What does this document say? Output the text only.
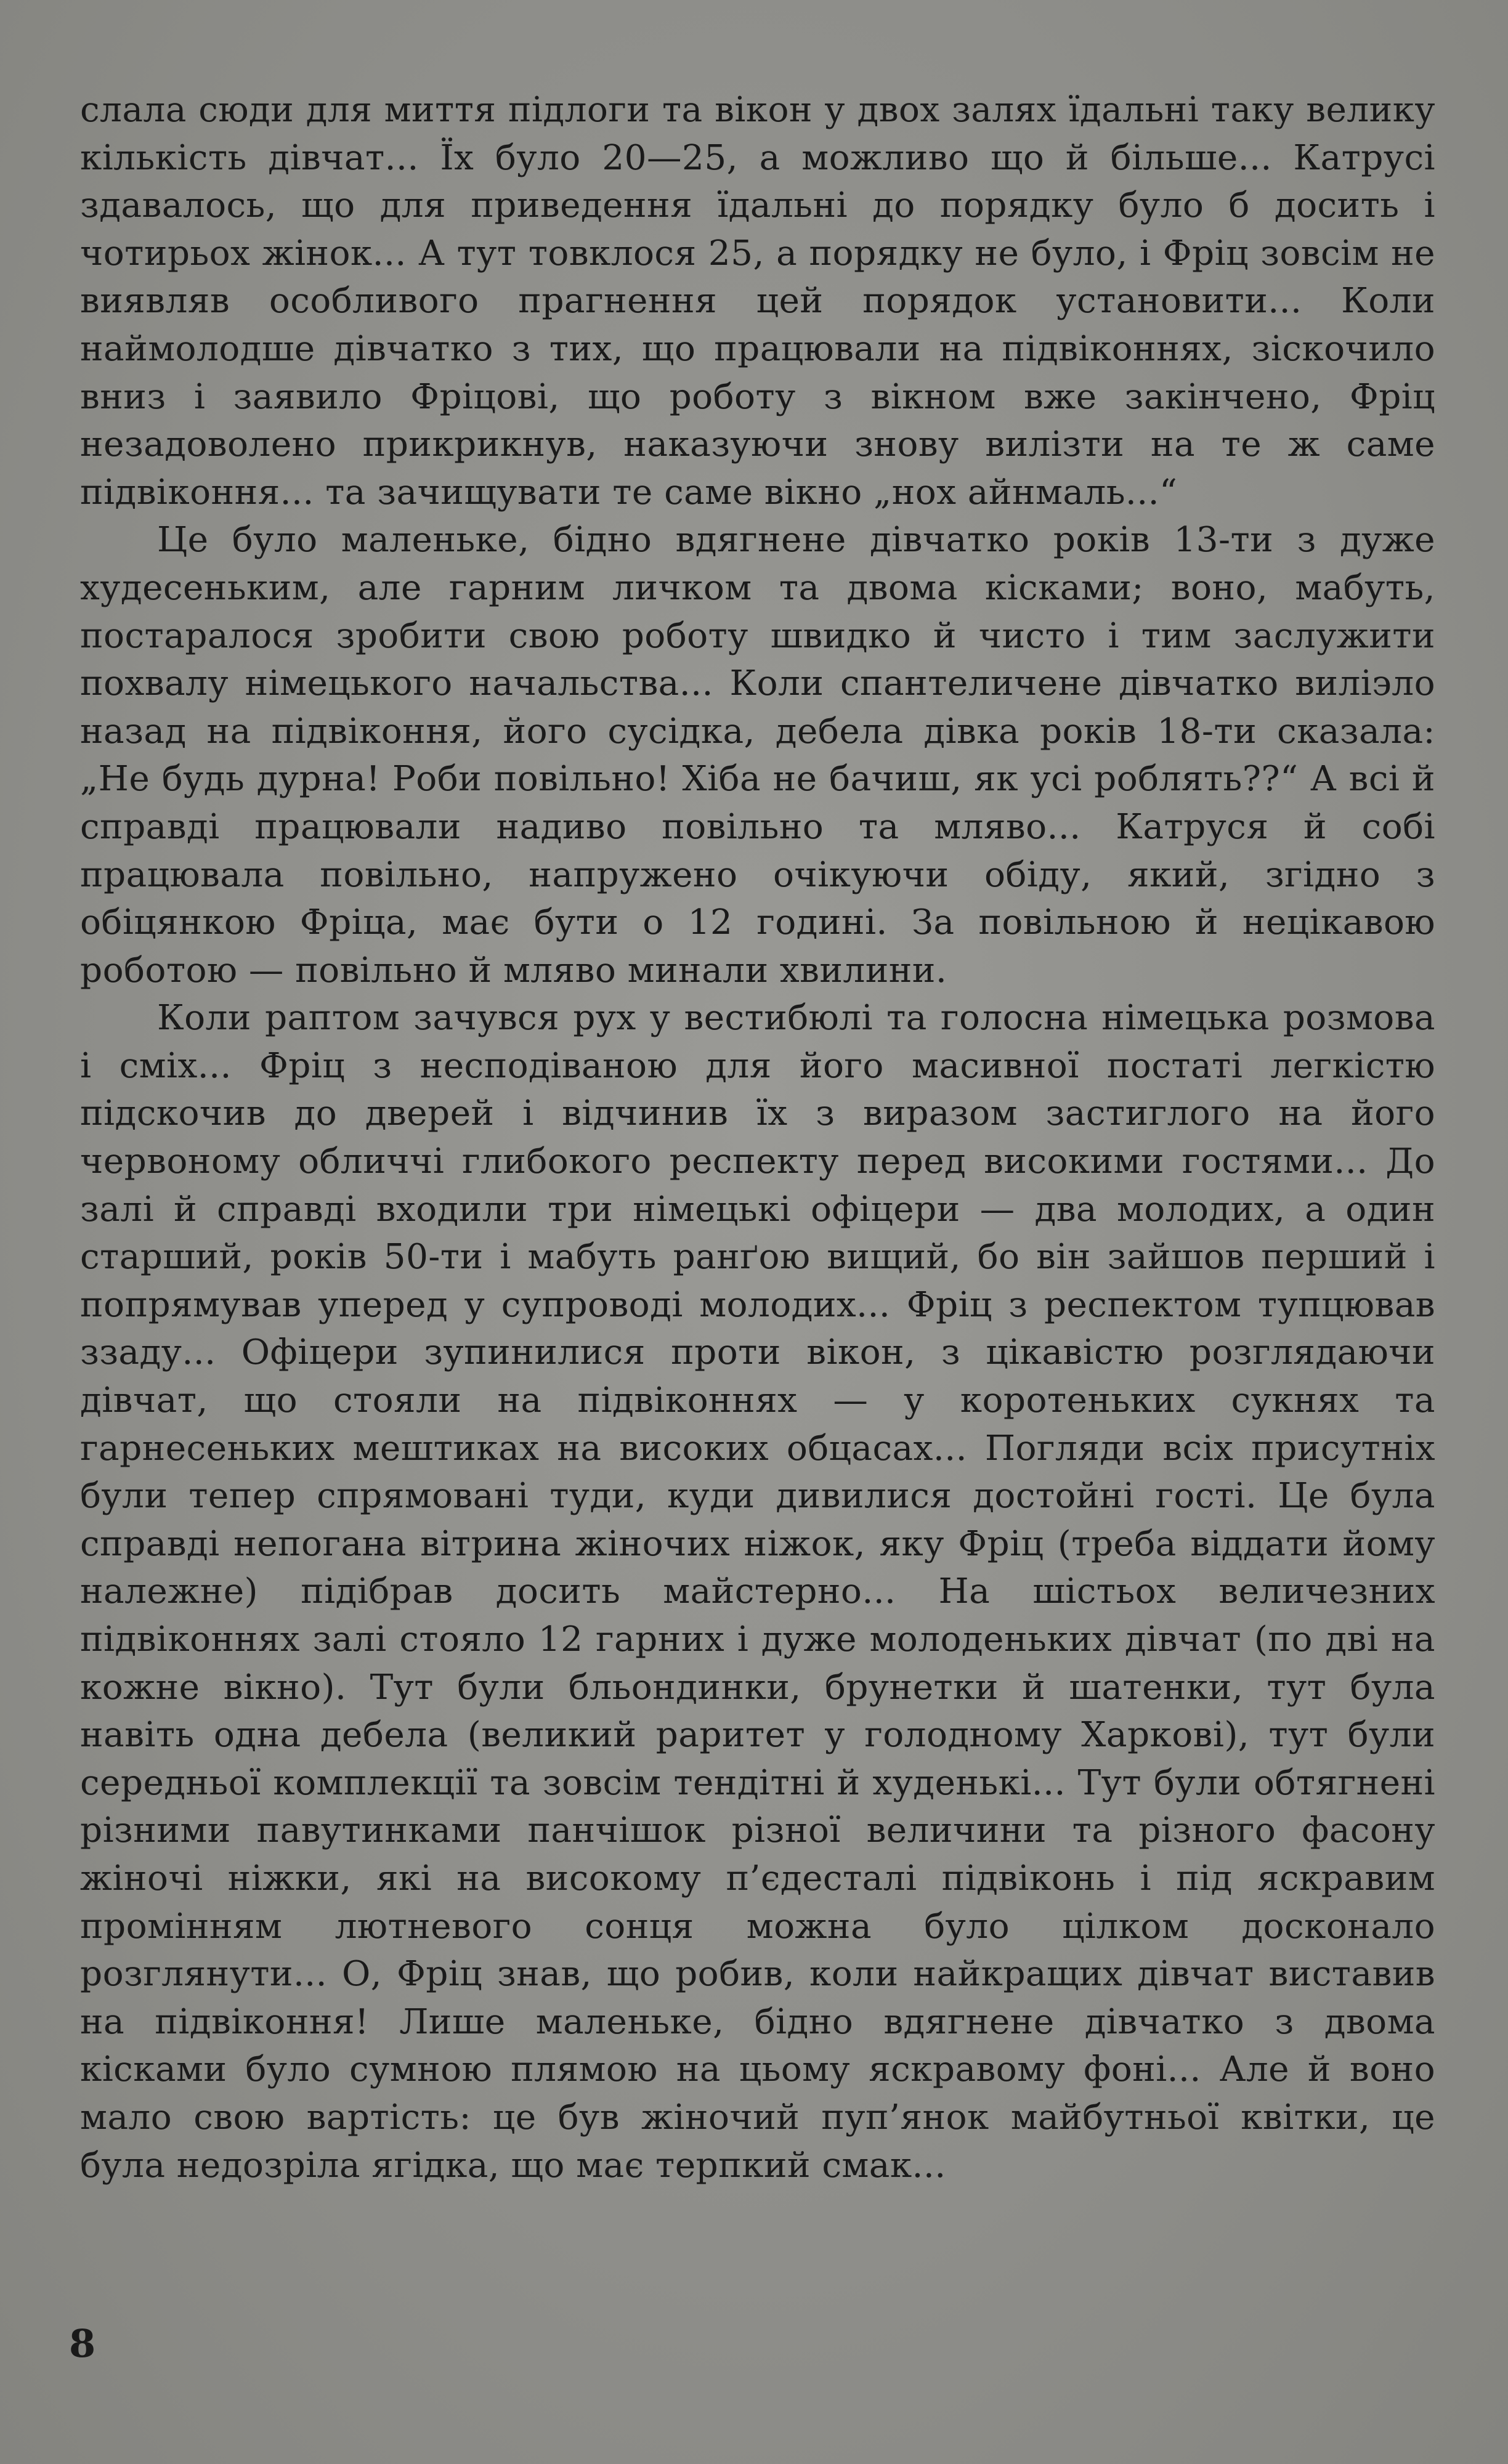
слала сюди для миття підлоги та вікон у двох залях їдальні таку велику кількість дівчат... Їх було 20—25, а можливо що й більше... Катрусі здавалось, що для приведення їдальні до порядку було б досить і чотирьох жінок... А тут товклося 25, а порядку не було, і Фріц зовсім не виявляв особливого прагнення цей порядок установити... Коли наймолодше дівчатко з тих, що працювали на підвіконнях, зіскочило вниз і заявило Фріцові, що роботу з вікном вже закінчено, Фріц незадоволено прикрикнув, наказуючи знову вилізти на те ж саме підвіконня... та зачищувати те саме вікно „нох айнмаль...“

Це було маленьке, бідно вдягнене дівчатко років 13-ти з дуже худесеньким, але гарним личком та двома кісками; воно, мабуть, постаралося зробити свою роботу швидко й чисто і тим заслужити похвалу німецького начальства... Коли спантеличене дівчатко виліэло назад на підвіконня, його сусідка, дебела дівка років 18-ти сказала: „Не будь дурна! Роби повільно! Хіба не бачиш, як усі роблять??“ А всі й справді працювали надиво повільно та мляво... Катруся й собі працювала повільно, напружено очікуючи обіду, який, згідно з обіцянкою Фріца, має бути о 12 годині. За повільною й нецікавою роботою — повільно й мляво минали хвилини.

Коли раптом зачувся рух у вестибюлі та голосна німецька розмова і сміх... Фріц з несподіваною для його масивної постаті легкістю підскочив до дверей і відчинив їх з виразом застиглого на його червоному обличчі глибокого респекту перед високими гостями... До залі й справді входили три німецькі офіцери — два молодих, а один старший, років 50-ти і мабуть ранґою вищий, бо він зайшов перший і попрямував уперед у супроводі молодих... Фріц з респектом тупцював ззаду... Офіцери зупинилися проти вікон, з цікавістю розглядаючи дівчат, що стояли на підвіконнях — у коротеньких сукнях та гарнесеньких мештиках на високих обцасах... Погляди всіх присутніх були тепер спрямовані туди, куди дивилися достойні гості. Це була справді непогана вітрина жіночих ніжок, яку Фріц (треба віддати йому належне) підібрав досить майстерно... На шістьох величезних підвіконнях залі стояло 12 гарних і дуже молоденьких дівчат (по дві на кожне вікно). Тут були бльондинки, брунетки й шатенки, тут була навіть одна дебела (великий раритет у голодному Харкові), тут були середньої комплекції та зовсім тендітні й худенькі... Тут були обтягнені різними павутинками панчішок різної величини та різного фасону жіночі ніжки, які на високому п’єдесталі підвіконь і під яскравим промінням лютневого сонця можна було цілком досконало розглянути... О, Фріц знав, що робив, коли найкращих дівчат виставив на підвіконня! Лише маленьке, бідно вдягнене дівчатко з двома кісками було сумною плямою на цьому яскравому фоні... Але й воно мало свою вартість: це був жіночий пуп’янок майбутньої квітки, це була недозріла ягідка, що має терпкий смак...

8
